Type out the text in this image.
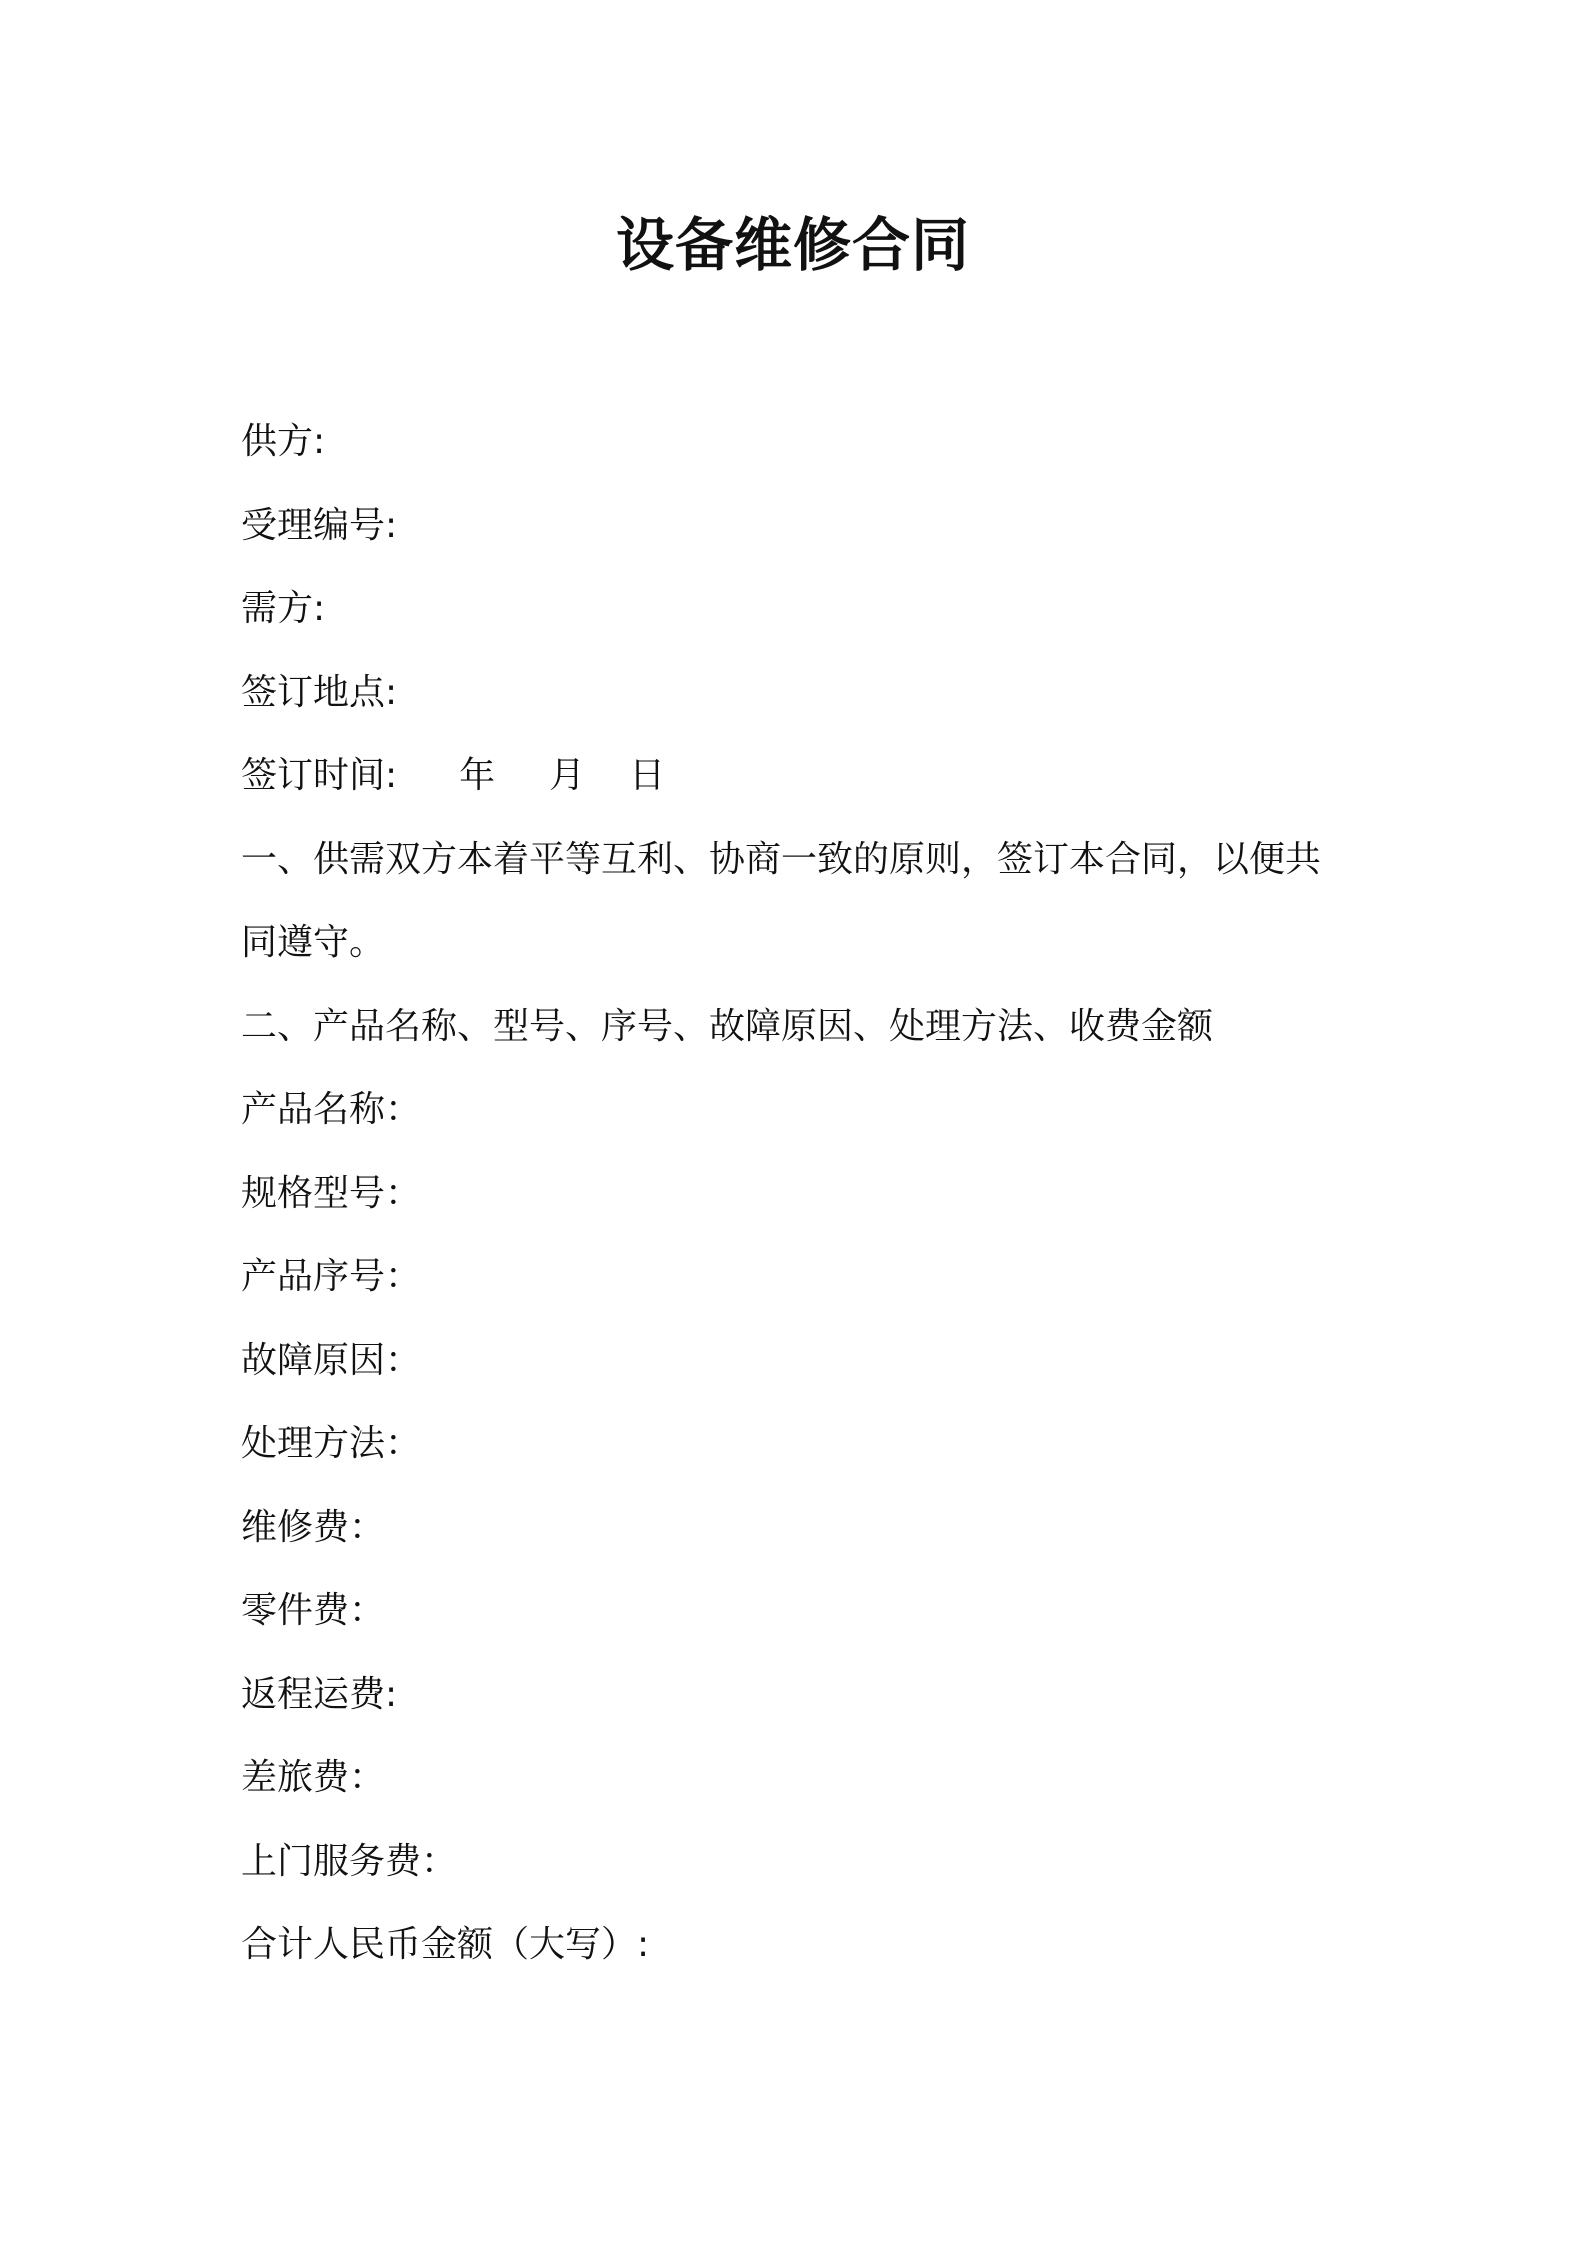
设备维修合同

供方:

受理编号:

需方:

签订地点:

签订时间: 年 月 日

一、供需双方本着平等互利、协商一致的原则，签订本合同，以便共

同遵守。

二、产品名称、型号、序号、故障原因、处理方法、收费金额

产品名称：

规格型号：

产品序号：

故障原因：

处理方法：

维修费：

零件费：

返程运费:

差旅费：

上门服务费：

合计人民币金额（大写）:
